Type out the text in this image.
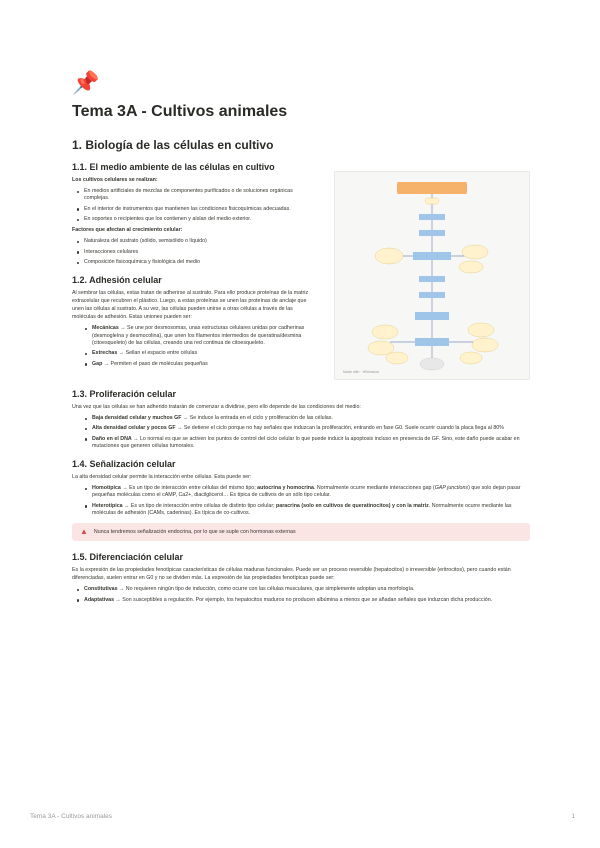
📌
Tema 3A - Cultivos animales
1. Biología de las células en cultivo
1.1. El medio ambiente de las células en cultivo

Los cultivos celulares se realizan:

En medios artificiales de mezclas de componentes purificados o de soluciones orgánicas complejas.
En el interior de instrumentos que mantienen las condiciones fisicoquímicas adecuadas.
En soportes o recipientes que los contienen y aíslan del medio exterior.

Factores que afectan al crecimiento celular:

Naturaleza del sustrato (sólido, semisólido o líquido)
Interacciones celulares
Composición fisicoquímica y fisiológica del medio
1.2. Adhesión celular

Al sembrar las células, estas tratan de adherirse al sustrato. Para ello produce proteínas de la matriz extracelular que recubren el plástico. Luego, a estas proteínas se unen las proteínas de anclaje que unen las células al sustrato. A su vez, las células pueden unirse a otras células a través de las moléculas de adhesión. Estas uniones pueden ser:

Mecánicas → Se une por desmosomas, unas estructuras celulares unidas por cadherinas (desmogleína y desmocolina), que unen los filamentos intermedios de queratina/desmina (citoesqueleto) de las células, creando una red continua de citoesqueleto.
Estrechas → Sellan el espacio entre células
Gap → Permiten el paso de moléculas pequeñas
Made with · Whimsical
1.3. Proliferación celular

Una vez que las células se han adherido tratarán de comenzar a dividirse, pero ello depende de las condiciones del medio:

Baja densidad celular y muchos GF → Se induce la entrada en el ciclo y proliferación de las células.
Alta densidad celular y pocos GF → Se detiene el ciclo porque no hay señales que induzcan la proliferación, entrando en fase G0. Suele ocurrir cuando la placa llega al 80%
Daño en el DNA → Lo normal es que se activen los puntos de control del ciclo celular lo que puede inducir la apoptosis incluso en presencia de GF. Sino, este daño puede acabar en mutaciones que generen células tumorales.
1.4. Señalización celular

La alta densidad celular permite la interacción entre células. Esta puede ser:

Homotípica → Es un tipo de interacción entre células del mismo tipo; autocrina y homocrina. Normalmente ocurre mediante interacciones gap (GAP junctions) que solo dejan pasar pequeñas moléculas como el cAMP, Ca2+, diacilglicerol… Es típica de cultivos de un sólo tipo celular.
Heterotípica → Es un tipo de interacción entre células de distinto tipo celular; paracrina (solo en cultivos de queratinocitos) y con la matriz. Normalmente ocurre mediante las moléculas de adhesión (CAMs, caderinas). Es típica de co-cultivos.
▲ Nunca tendremos señalización endocrina, por lo que se suple con hormonas externas
1.5. Diferenciación celular

Es la expresión de las propiedades fenotípicas características de células maduras funcionales. Puede ser un proceso reversible (hepatocitos) o irreversible (eritrocitos), pero cuando están diferenciadas, suelen entrar en G0 y no se dividen más. La expresión de las propiedades fenotípicas puede ser:

Constitutivas → No requieren ningún tipo de inducción, como ocurre con las células musculares, que simplemente adoptan una morfología.
Adaptativas → Son susceptibles a regulación. Por ejemplo, los hepatocitos maduros no producen albúmina a menos que se añadan señales que induzcan dicha producción.
Tema 3A - Cultivos animales	1
